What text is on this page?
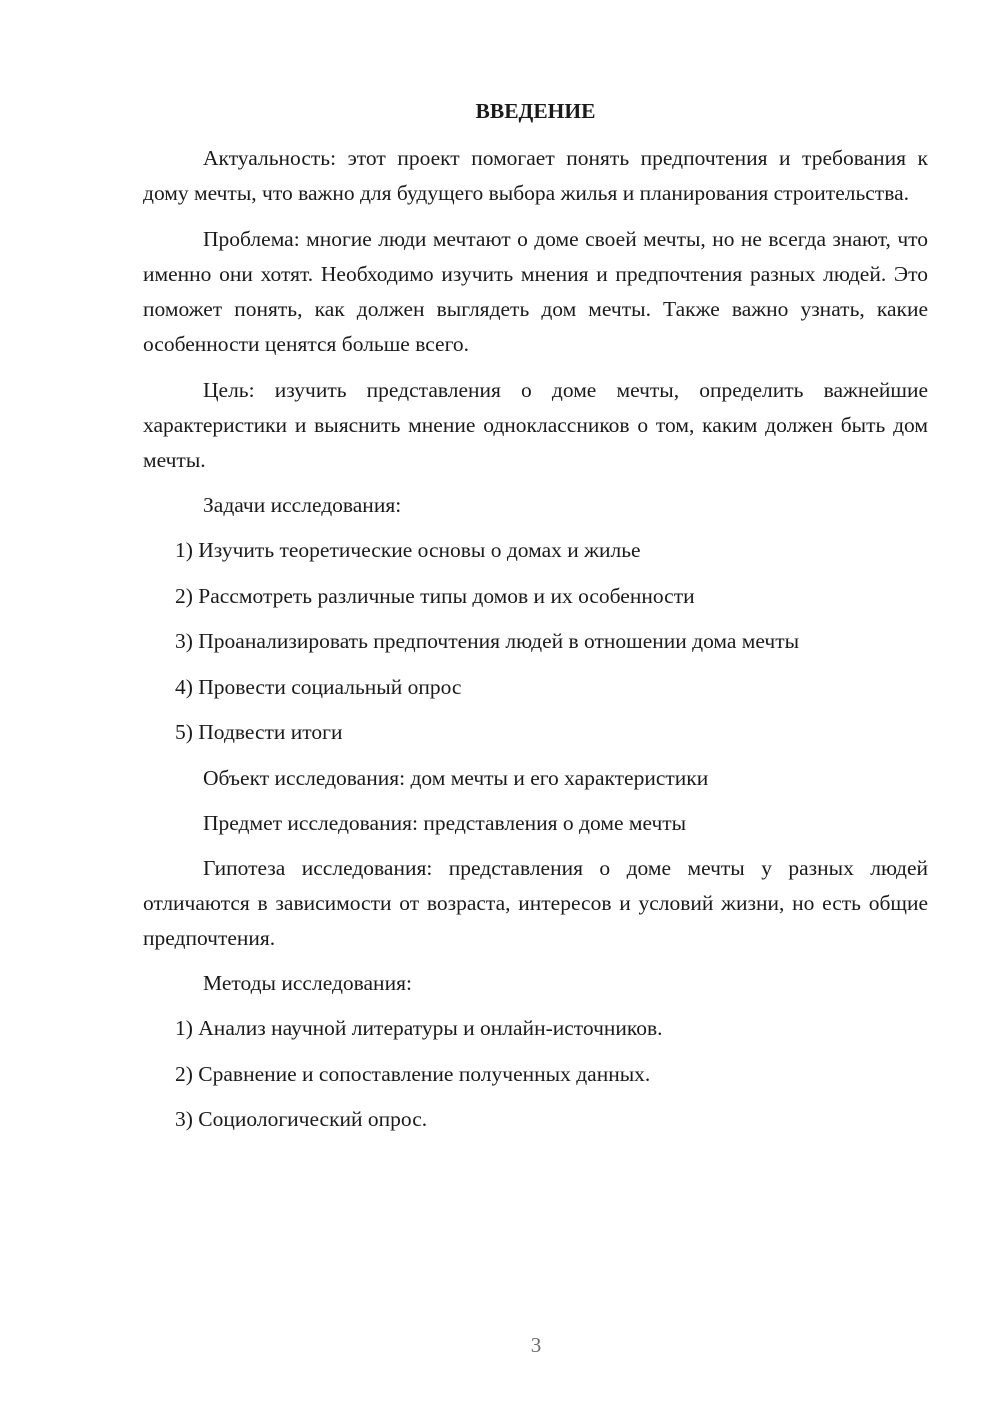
ВВЕДЕНИЕ

Актуальность: этот проект помогает понять предпочтения и требования к дому мечты, что важно для будущего выбора жилья и планирования строительства.

Проблема: многие люди мечтают о доме своей мечты, но не всегда знают, что именно они хотят. Необходимо изучить мнения и предпочтения разных людей. Это поможет понять, как должен выглядеть дом мечты. Также важно узнать, какие особенности ценятся больше всего.

Цель: изучить представления о доме мечты, определить важнейшие характеристики и выяснить мнение одноклассников о том, каким должен быть дом мечты.

Задачи исследования:

1) Изучить теоретические основы о домах и жилье
2) Рассмотреть различные типы домов и их особенности
3) Проанализировать предпочтения людей в отношении дома мечты
4) Провести социальный опрос
5) Подвести итоги

Объект исследования: дом мечты и его характеристики

Предмет исследования: представления о доме мечты

Гипотеза исследования: представления о доме мечты у разных людей отличаются в зависимости от возраста, интересов и условий жизни, но есть общие предпочтения.

Методы исследования:

1) Анализ научной литературы и онлайн-источников.
2) Сравнение и сопоставление полученных данных.
3) Социологический опрос.
3
